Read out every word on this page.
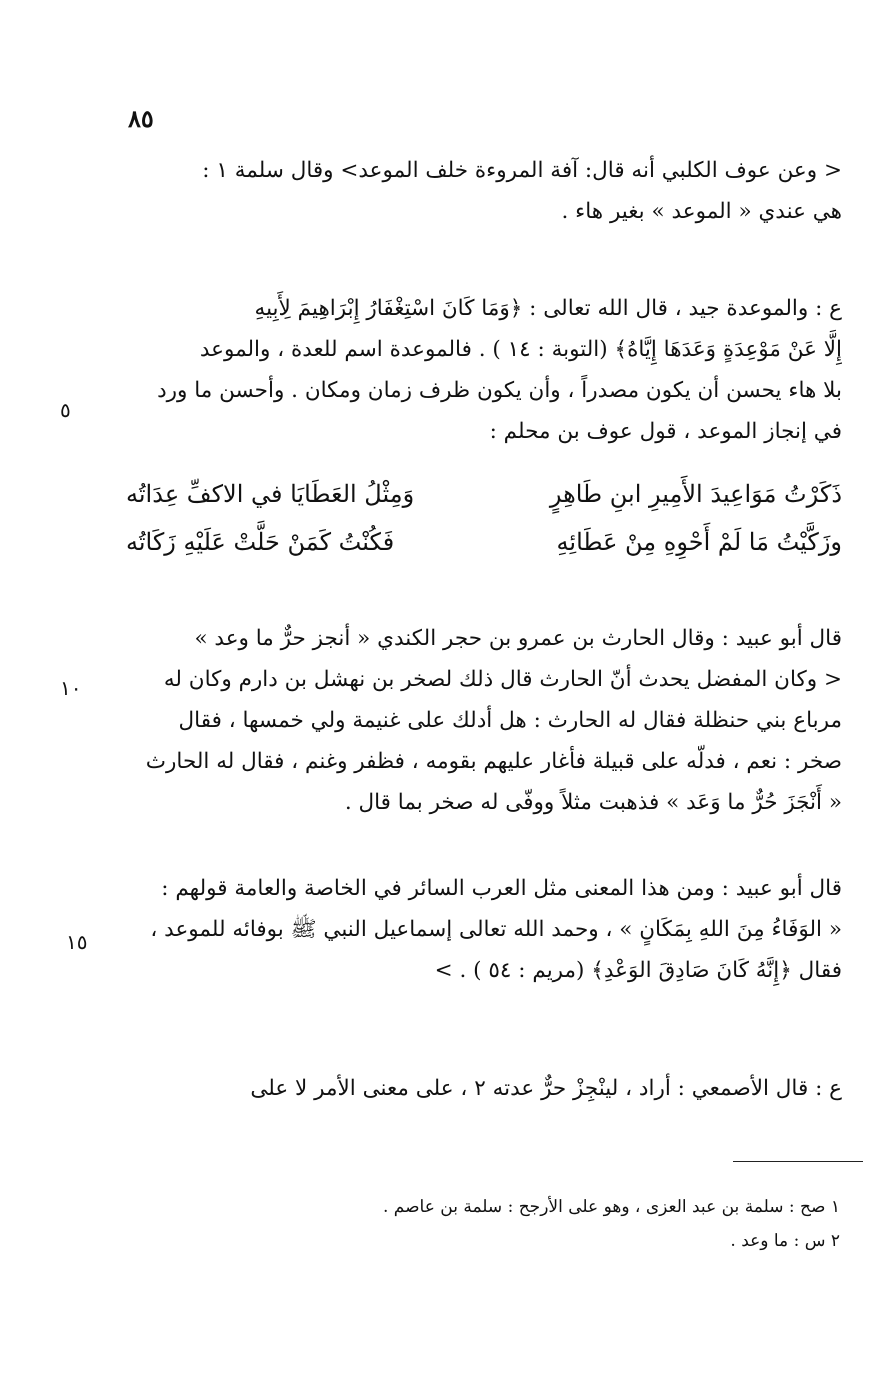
٨٥
< وعن عوف الكلبي أنه قال: آفة المروءة خلف الموعد> وقال سلمة ١ :
هي عندي « الموعد » بغير هاء .
ع : والموعدة جيد ، قال الله تعالى : ﴿وَمَا كَانَ اسْتِغْفَارُ إِبْرَاهِيمَ لِأَبِيهِ
إِلَّا عَنْ مَوْعِدَةٍ وَعَدَهَا إِيَّاهُ﴾ (التوبة : ١٤ ) . فالموعدة اسم للعدة ، والموعد
بلا هاء يحسن أن يكون مصدراً ، وأن يكون ظرف زمان ومكان . وأحسن ما ورد
في إنجاز الموعد ، قول عوف بن محلم :
٥
ذَكَرْتُ مَوَاعِيدَ الأَمِيرِ ابنِ طَاهِرٍ
وَمِثْلُ العَطَايَا في الاكفِّ عِدَاتُه
وزَكَّيْتُ مَا لَمْ أَحْوِهِ مِنْ عَطَائِهِ
فَكُنْتُ كَمَنْ حَلَّتْ عَلَيْهِ زَكَاتُه
قال أبو عبيد : وقال الحارث بن عمرو بن حجر الكندي « أنجز حرٌّ ما وعد »
< وكان المفضل يحدث أنّ الحارث قال ذلك لصخر بن نهشل بن دارم وكان له
مرباع بني حنظلة فقال له الحارث : هل أدلك على غنيمة ولي خمسها ، فقال
صخر : نعم ، فدلّه على قبيلة فأغار عليهم بقومه ، فظفر وغنم ، فقال له الحارث
« أَنْجَزَ حُرٌّ ما وَعَد » فذهبت مثلاً ووفّى له صخر بما قال .
١٠
قال أبو عبيد : ومن هذا المعنى مثل العرب السائر في الخاصة والعامة قولهم :
« الوَفَاءُ مِنَ اللهِ بِمَكَانٍ » ، وحمد الله تعالى إسماعيل النبي ﷺ بوفائه للموعد ،
فقال ﴿إِنَّهُ كَانَ صَادِقَ الوَعْدِ﴾ (مريم : ٥٤ ) . >
١٥
ع : قال الأصمعي : أراد ، لينْجِزْ حرٌّ عدته ٢ ، على معنى الأمر لا على
١ صح : سلمة بن عبد العزى ، وهو على الأرجح : سلمة بن عاصم .
٢ س : ما وعد .
